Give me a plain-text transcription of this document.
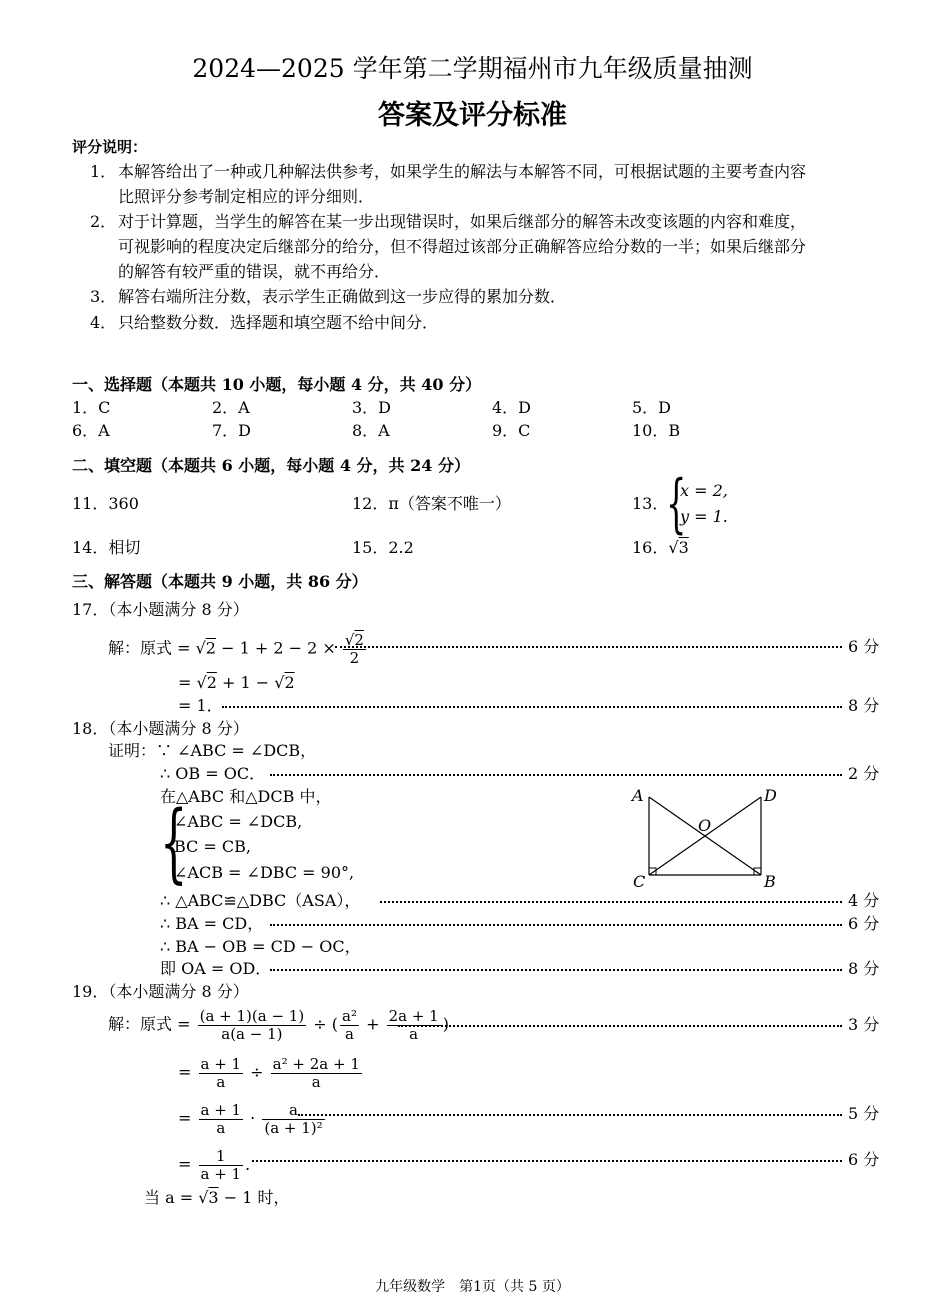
2024—2025 学年第二学期福州市九年级质量抽测
答案及评分标准
评分说明：
1． 本解答给出了一种或几种解法供参考，如果学生的解法与本解答不同，可根据试题的主要考查内容
比照评分参考制定相应的评分细则．
2． 对于计算题，当学生的解答在某一步出现错误时，如果后继部分的解答未改变该题的内容和难度，
可视影响的程度决定后继部分的给分，但不得超过该部分正确解答应给分数的一半；如果后继部分
的解答有较严重的错误，就不再给分．
3． 解答右端所注分数，表示学生正确做到这一步应得的累加分数．
4． 只给整数分数．选择题和填空题不给中间分．
一、选择题（本题共 10 小题，每小题 4 分，共 40 分）
1．C	2．A	3．D	4．D	5．D
6．A	7．D	8．A	9．C	10．B
二、填空题（本题共 6 小题，每小题 4 分，共 24 分）
11．360	12．π（答案不唯一）	13．
{
x = 2,
y = 1.
14．相切	15．2.2	16．√3
三、解答题（本题共 9 小题，共 86 分）
17．（本小题满分 8 分）
解：原式 = $√2 - 1 + 2 - 2 \times \frac{√2}{2}$	6 分
= √2 + 1 − √2
= 1．	8 分
18．（本小题满分 8 分）
证明：∵ ∠ABC = ∠DCB，
∴ OB = OC．	2 分
在△ABC 和△DCB 中，
{
∠ABC = ∠DCB,
BC = CB,
∠ACB = ∠DBC = 90°,
∴ △ABC≌△DBC（ASA），	4 分
∴ BA = CD，	6 分
∴ BA − OB = CD − OC，
即 OA = OD．	8 分
A	D
O
C	B
19．（本小题满分 8 分）
解：原式 = $\frac{(a + 1)(a - 1)}{a(a - 1)}$ ÷ ( $\frac{\text{a²}}{a} + \frac{2a + 1}{a}$ )	3 分
= $\frac{a + 1}{a} \div \frac{\text{a² + 2a + 1}}{a}$
= $\frac{a + 1}{a} \cdot \frac{a}{\text{(a + 1)²}}$	5 分
= $\frac{1}{a + 1}$ ．	6 分
当 a = √3 − 1 时，
九年级数学　第1页（共 5 页）
